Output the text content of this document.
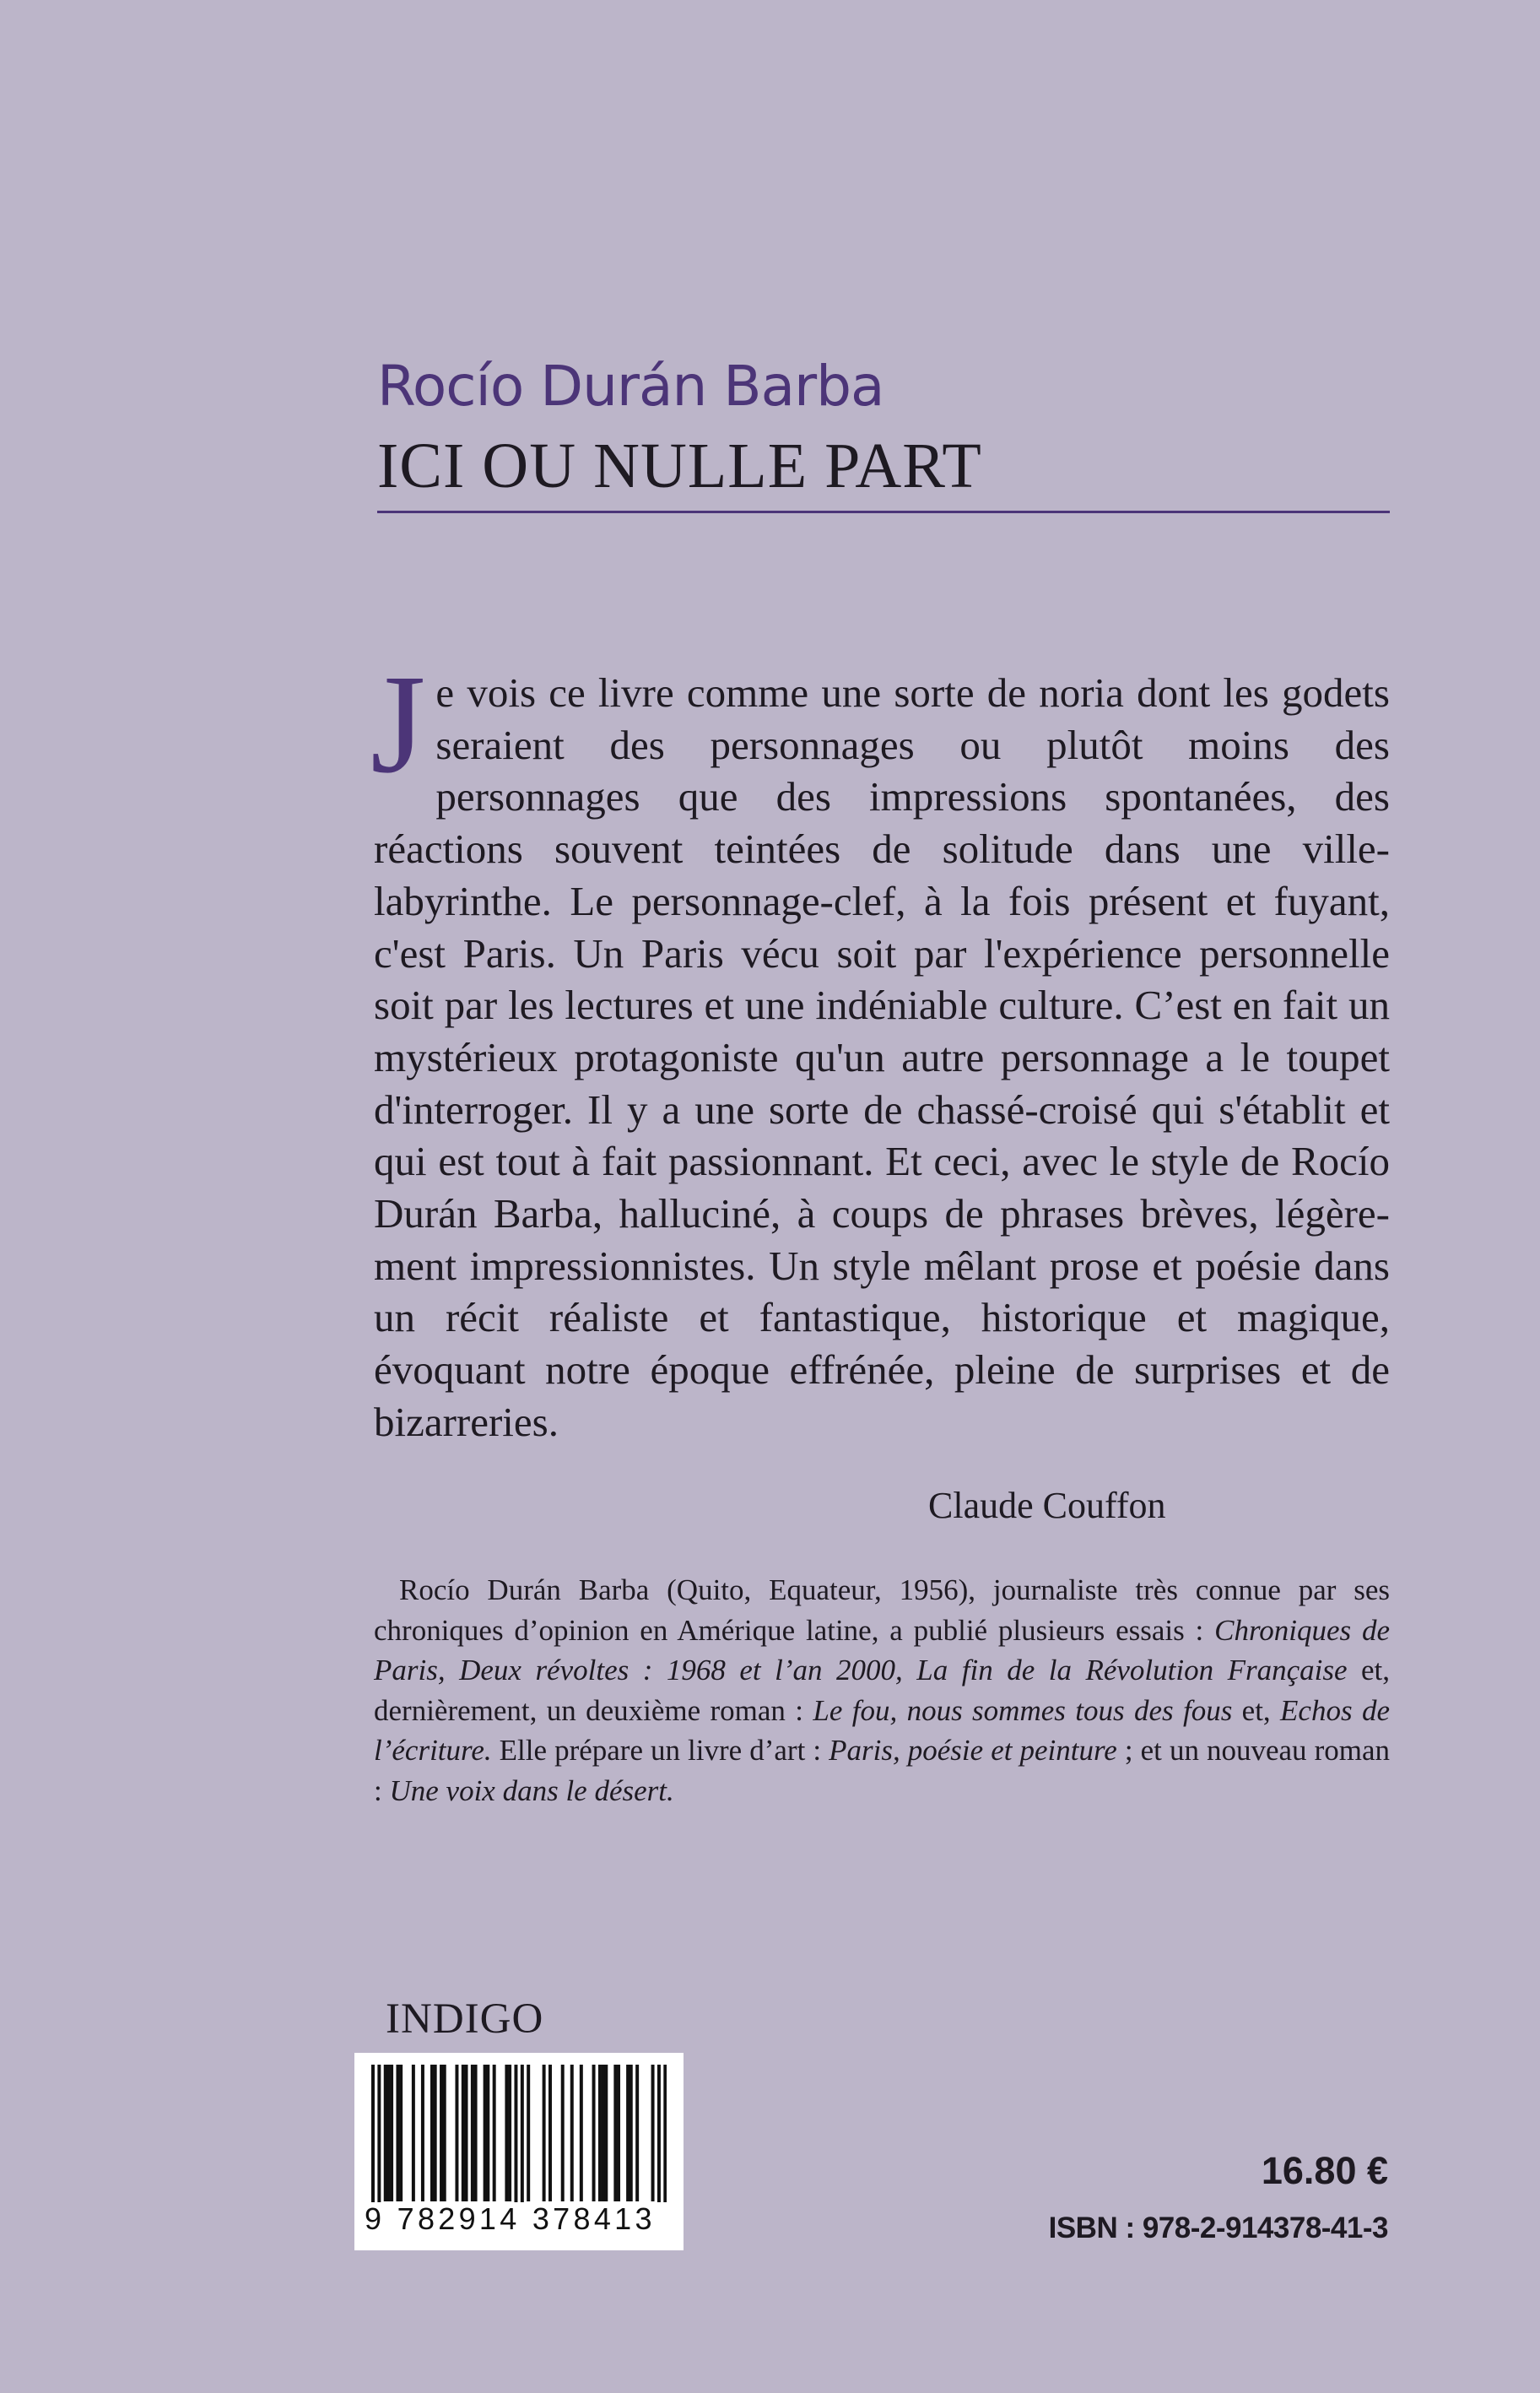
Rocío Durán Barba
ICI OU NULLE PART
J e vois ce livre comme une sorte de noria dont les godets seraient des personnages ou plutôt moins des personnages que des impressions spontanées, des réactions souvent teintées de solitude dans une ville-labyrinthe. Le personnage-clef, à la fois présent et fuyant, c'est Paris. Un Paris vécu soit par l'expérience personnelle soit par les lectures et une indéniable culture. C’est en fait un mystérieux protagoniste qu'un autre personnage a le toupet d'interroger. Il y a une sorte de chassé-croisé qui s'établit et qui est tout à fait passionnant. Et ceci, avec le style de Rocío Durán Barba, halluciné, à coups de phrases brèves, légèrement impressionnistes. Un style mêlant prose et poésie dans un récit réaliste et fantastique, historique et magique, évoquant notre époque effrénée, pleine de surprises et de bizarreries.
Claude Couffon

Rocío Durán Barba (Quito, Equateur, 1956), journaliste très connue par ses chroniques d’opinion en Amérique latine, a publié plusieurs essais : Chroniques de Paris, Deux révoltes : 1968 et l’an 2000, La fin de la Révolution Française et, dernièrement, un deuxième roman : Le fou, nous sommes tous des fous et, Echos de l’écriture. Elle prépare un livre d’art : Paris, poésie et peinture ; et un nouveau roman : Une voix dans le désert.

INDIGO
9 782914 378413
16.80 €
ISBN : 978-2-914378-41-3
